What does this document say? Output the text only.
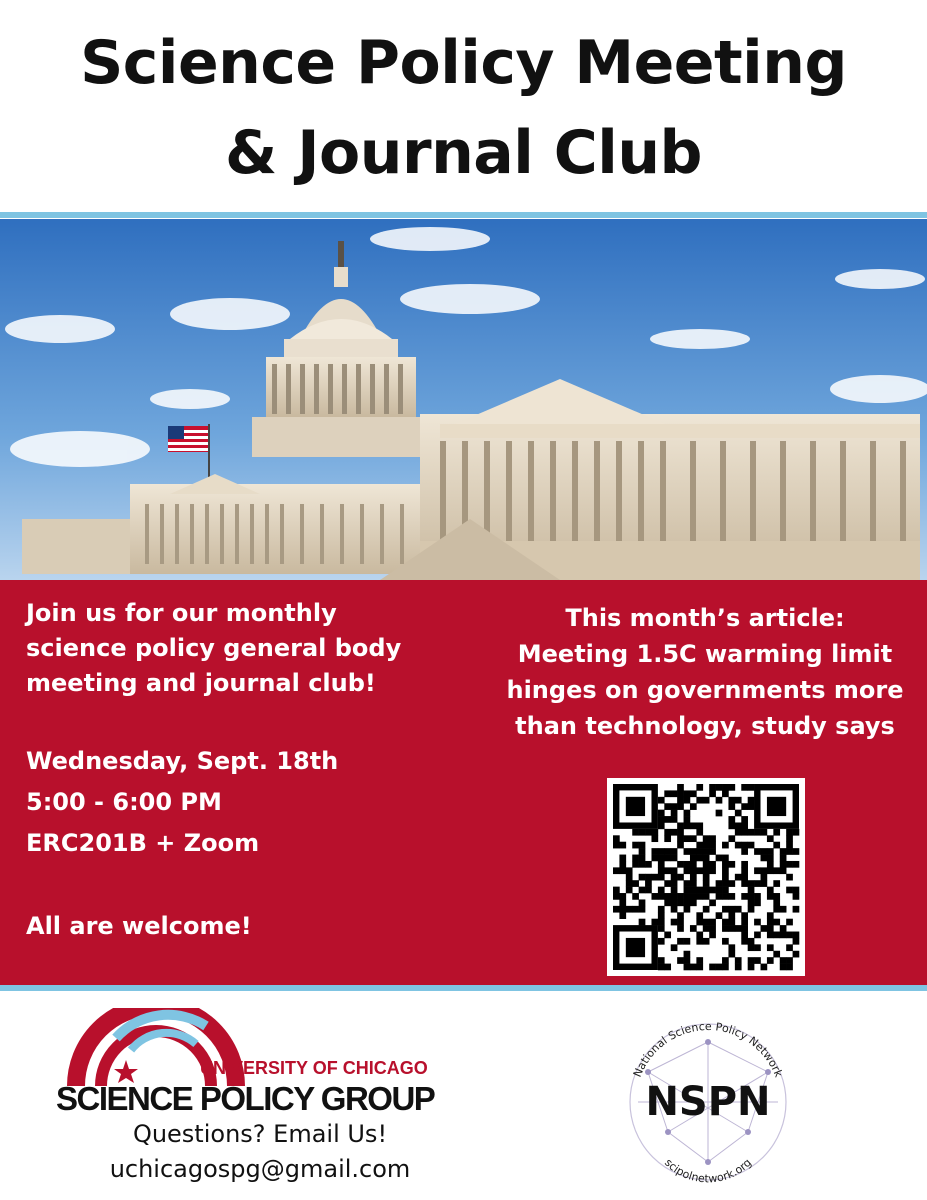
Science Policy Meeting
& Journal Club

Join us for our monthly

science policy general body

meeting and journal club!

Wednesday, Sept. 18th

5:00 - 6:00 PM

ERC201B + Zoom

All are welcome!

This month’s article:
Meeting 1.5C warming limit
hinges on governments more
than technology, study says
UNIVERSITY OF CHICAGO
SCIENCE POLICY GROUP
Questions? Email Us!
uchicagospg@gmail.com
National Science Policy Network
NSPN
scipolnetwork.org
